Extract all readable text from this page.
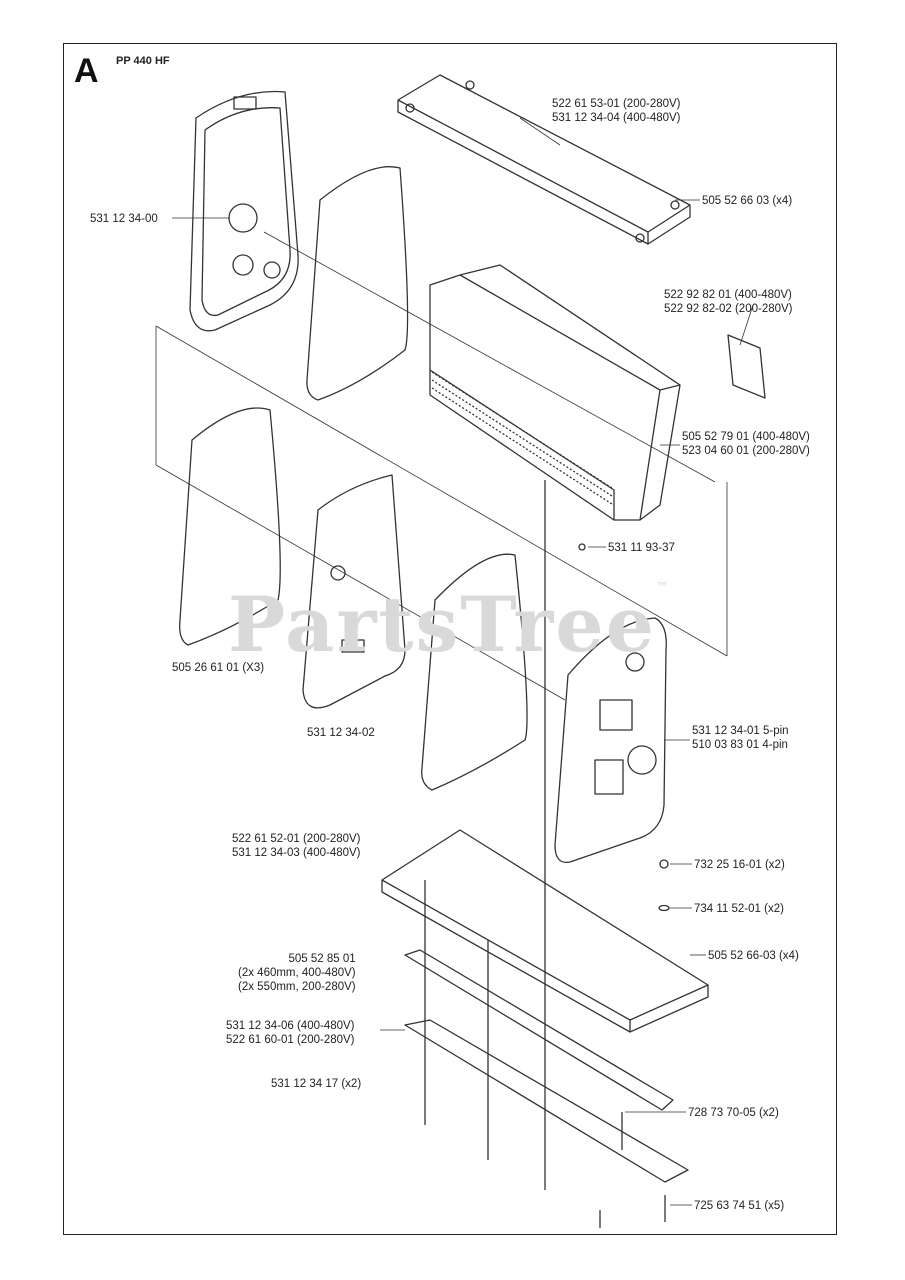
PartsTree™
A PP 440 HF
522 61 53-01 (200-280V)
531 12 34-04 (400-480V)
505 52 66 03 (x4)
531 12 34-00
522 92 82 01 (400-480V)
522 92 82-02 (200-280V)
505 52 79 01 (400-480V)
523 04 60 01 (200-280V)
531 11 93-37
505 26 61 01 (X3)
531 12 34-02	531 12 34-01 5-pin
510 03 83 01 4-pin
522 61 52-01 (200-280V)
531 12 34-03 (400-480V)
732 25 16-01 (x2)
734 11 52-01 (x2)
505 52 66-03 (x4)
505 52 85 01
(2x 460mm, 400-480V)
(2x 550mm, 200-280V)
531 12 34-06 (400-480V)
522 61 60-01 (200-280V)
531 12 34 17 (x2)
728 73 70-05 (x2)
725 63 74 51 (x5)
